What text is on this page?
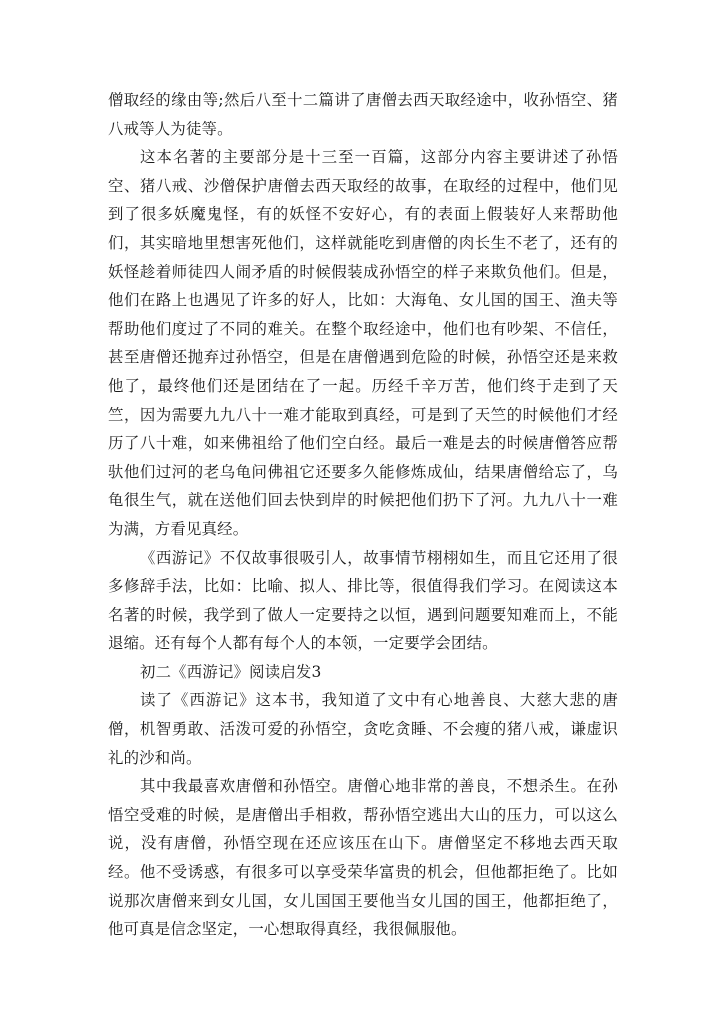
僧取经的缘由等;然后八至十二篇讲了唐僧去西天取经途中，收孙悟空、猪八戒等人为徒等。

这本名著的主要部分是十三至一百篇，这部分内容主要讲述了孙悟空、猪八戒、沙僧保护唐僧去西天取经的故事，在取经的过程中，他们见到了很多妖魔鬼怪，有的妖怪不安好心，有的表面上假装好人来帮助他们，其实暗地里想害死他们，这样就能吃到唐僧的肉长生不老了，还有的妖怪趁着师徒四人闹矛盾的时候假装成孙悟空的样子来欺负他们。但是，他们在路上也遇见了许多的好人，比如：大海龟、女儿国的国王、渔夫等帮助他们度过了不同的难关。在整个取经途中，他们也有吵架、不信任，甚至唐僧还抛弃过孙悟空，但是在唐僧遇到危险的时候，孙悟空还是来救他了，最终他们还是团结在了一起。历经千辛万苦，他们终于走到了天竺，因为需要九九八十一难才能取到真经，可是到了天竺的时候他们才经历了八十难，如来佛祖给了他们空白经。最后一难是去的时候唐僧答应帮驮他们过河的老乌龟问佛祖它还要多久能修炼成仙，结果唐僧给忘了，乌龟很生气，就在送他们回去快到岸的时候把他们扔下了河。九九八十一难为满，方看见真经。

《西游记》不仅故事很吸引人，故事情节栩栩如生，而且它还用了很多修辞手法，比如：比喻、拟人、排比等，很值得我们学习。在阅读这本名著的时候，我学到了做人一定要持之以恒，遇到问题要知难而上，不能退缩。还有每个人都有每个人的本领，一定要学会团结。

初二《西游记》阅读启发3

读了《西游记》这本书，我知道了文中有心地善良、大慈大悲的唐僧，机智勇敢、活泼可爱的孙悟空，贪吃贪睡、不会瘦的猪八戒，谦虚识礼的沙和尚。

其中我最喜欢唐僧和孙悟空。唐僧心地非常的善良，不想杀生。在孙悟空受难的时候，是唐僧出手相救，帮孙悟空逃出大山的压力，可以这么说，没有唐僧，孙悟空现在还应该压在山下。唐僧坚定不移地去西天取经。他不受诱惑，有很多可以享受荣华富贵的机会，但他都拒绝了。比如说那次唐僧来到女儿国，女儿国国王要他当女儿国的国王，他都拒绝了，他可真是信念坚定，一心想取得真经，我很佩服他。
